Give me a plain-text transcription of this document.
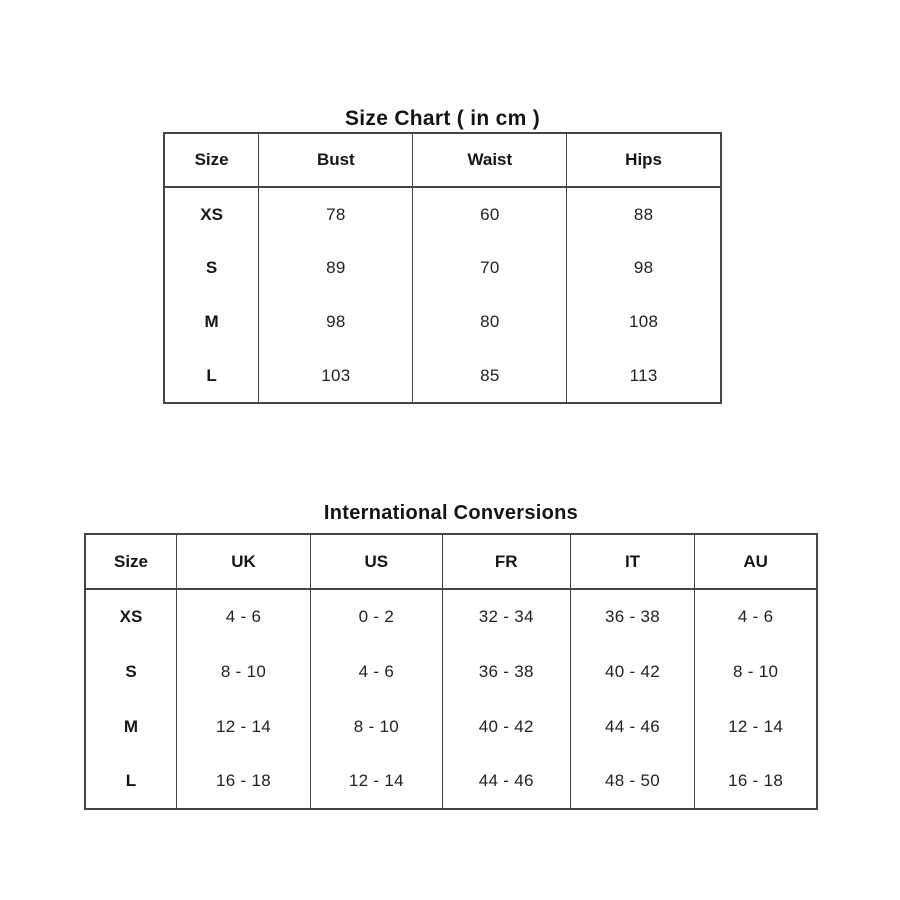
Size Chart ( in cm )
Size	Bust	Waist	Hips
XS	78	60	88
S	89	70	98
M	98	80	108
L	103	85	113
International Conversions
Size	UK	US	FR	IT	AU
XS	4 - 6	0 - 2	32 - 34	36 - 38	4 - 6
S	8 - 10	4 - 6	36 - 38	40 - 42	8 - 10
M	12 - 14	8 - 10	40 - 42	44 - 46	12 - 14
L	16 - 18	12 - 14	44 - 46	48 - 50	16 - 18
